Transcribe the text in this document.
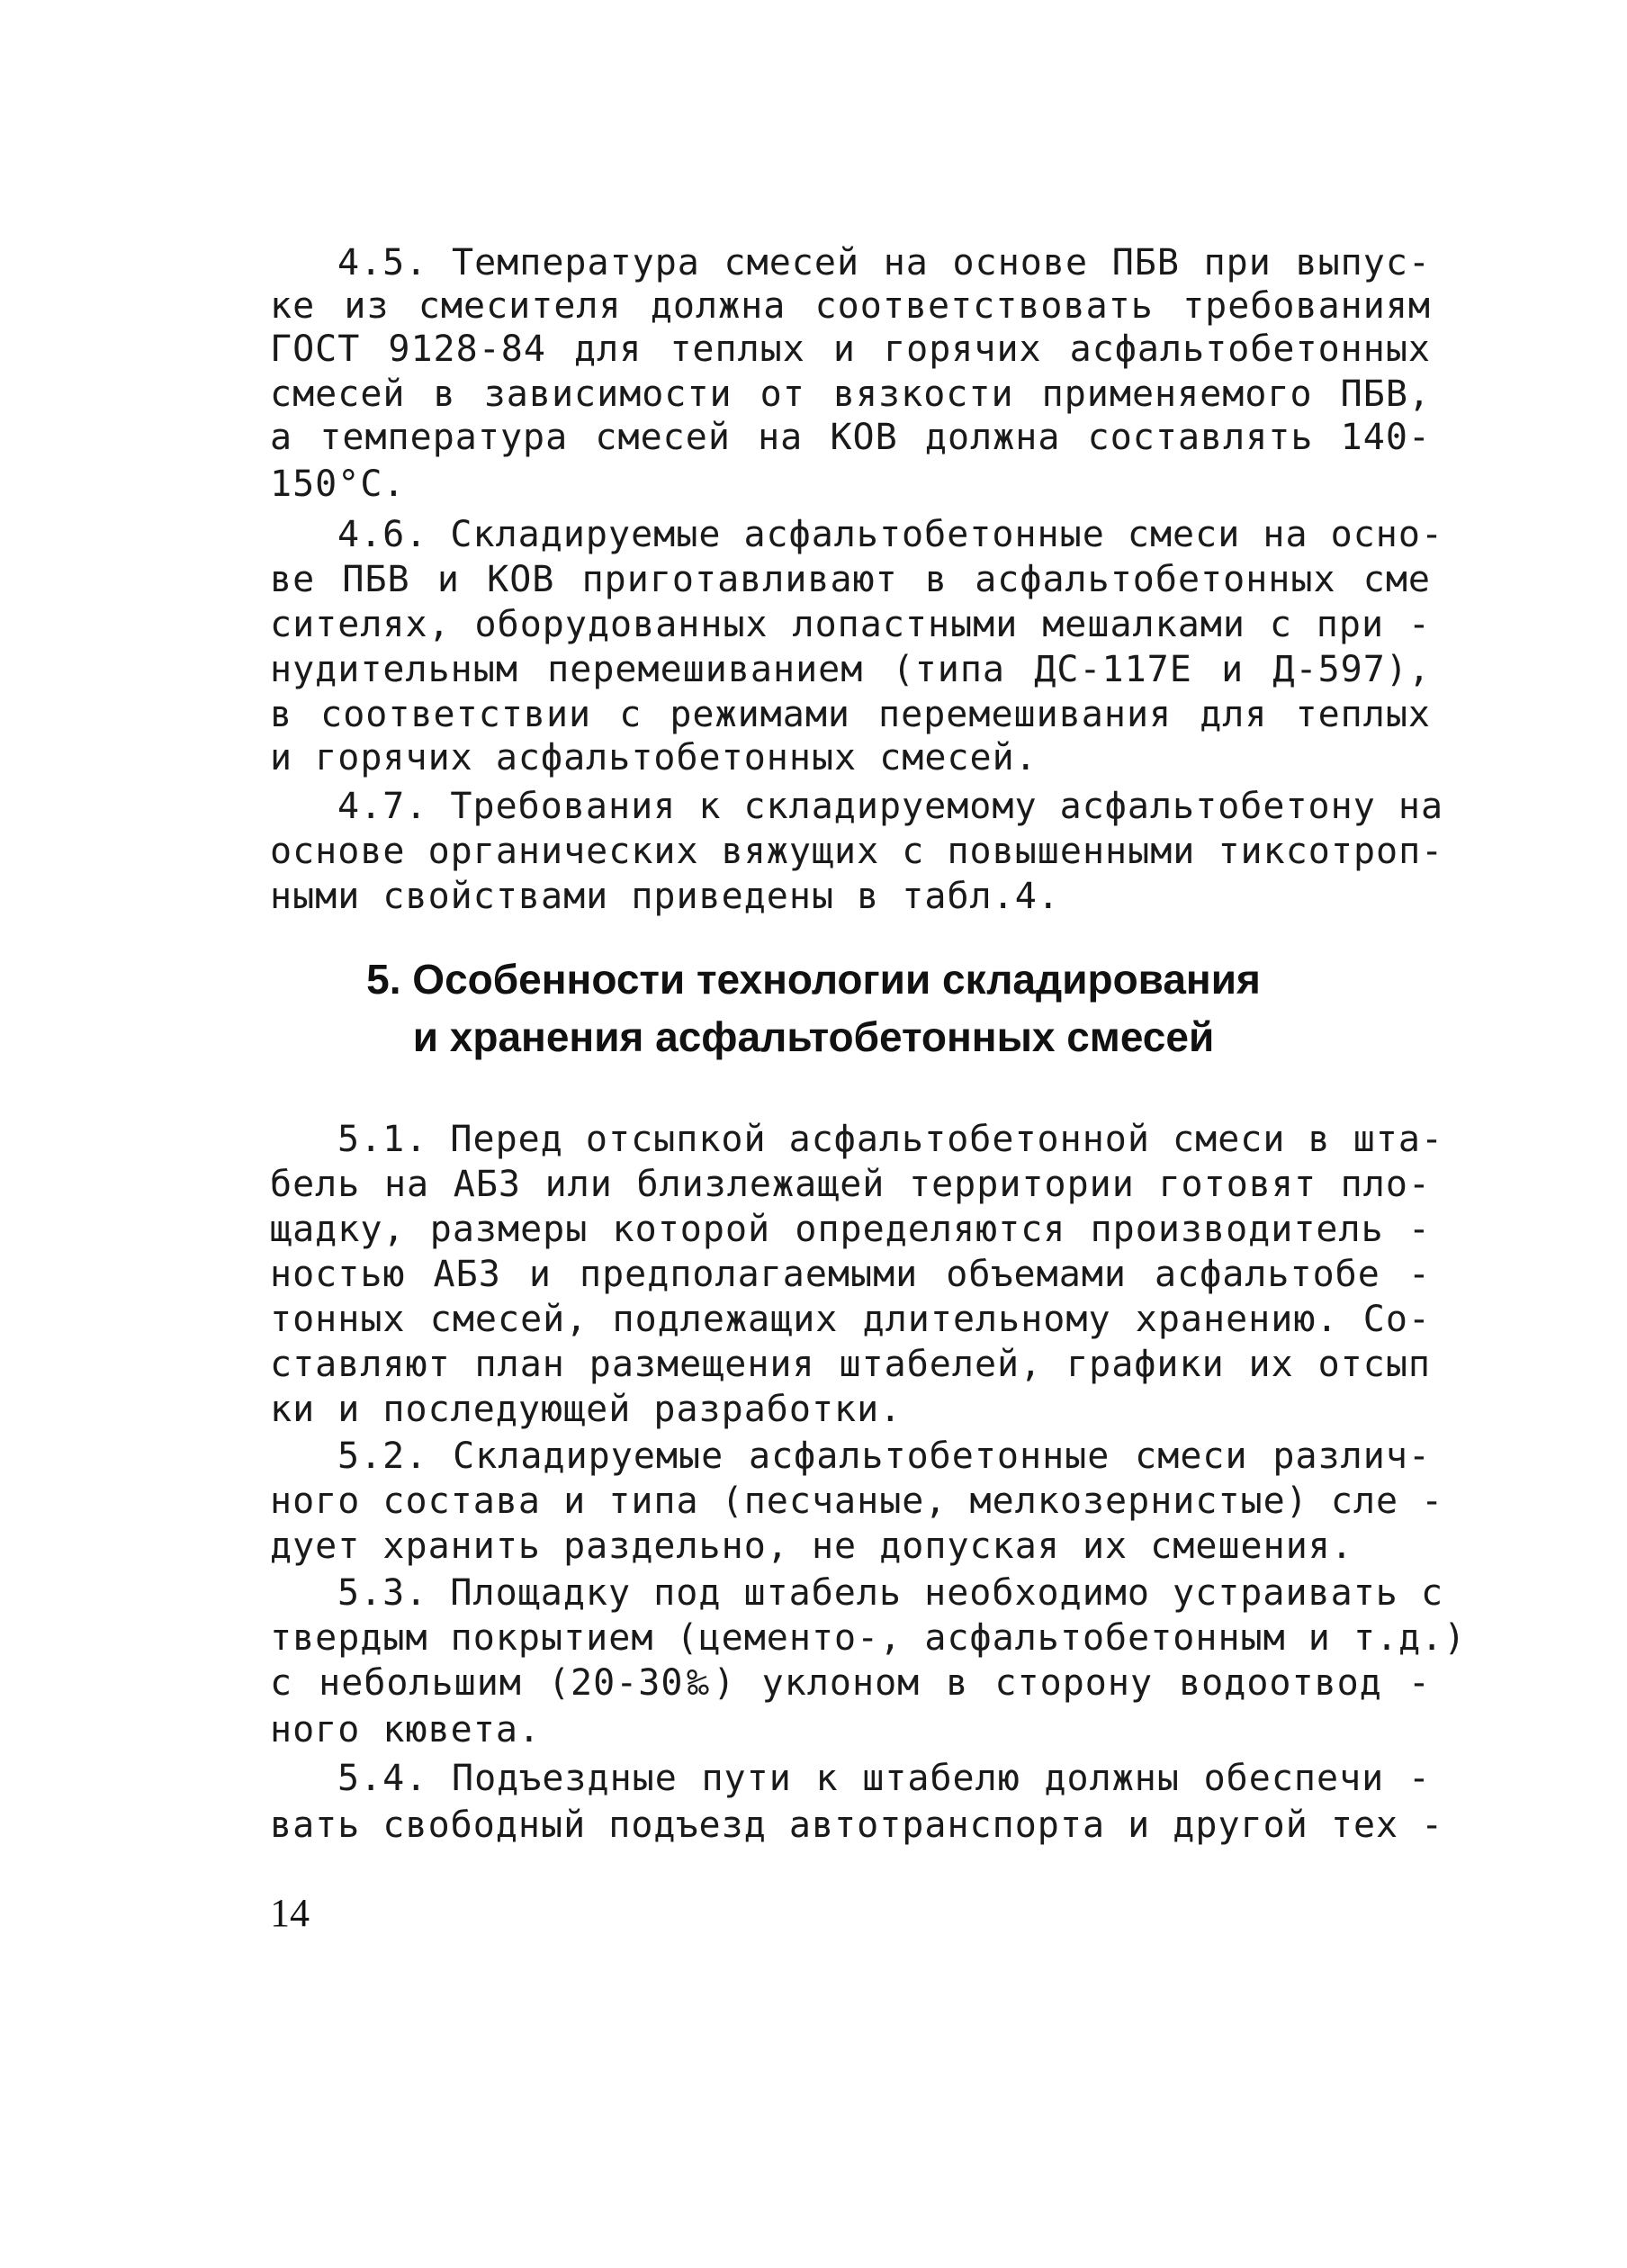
4.5. Температура смесей на основе ПБВ при выпус-
ке из смесителя должна соответствовать требованиям
ГОСТ 9128-84 для теплых и горячих асфальтобетонных
смесей в зависимости от вязкости применяемого ПБВ,
а температура смесей на КОВ должна составлять 140-
150°С.
4.6. Складируемые асфальтобетонные смеси на осно-
ве ПБВ и КОВ приготавливают в асфальтобетонных сме
сителях, оборудованных лопастными мешалками с при -
нудительным перемешиванием (типа ДС-117Е и Д-597),
в соответствии с режимами перемешивания для теплых
и горячих асфальтобетонных смесей.
4.7. Требования к складируемому асфальтобетону на
основе органических вяжущих с повышенными тиксотроп-
ными свойствами приведены в табл.4.
5. Особенности технологии складирования
и хранения асфальтобетонных смесей
5.1. Перед отсыпкой асфальтобетонной смеси в шта-
бель на АБЗ или близлежащей территории готовят пло-
щадку, размеры которой определяются производитель -
ностью АБЗ и предполагаемыми объемами асфальтобе -
тонных смесей, подлежащих длительному хранению. Со-
ставляют план размещения штабелей, графики их отсып
ки и последующей разработки.
5.2. Складируемые асфальтобетонные смеси различ-
ного состава и типа (песчаные, мелкозернистые) сле -
дует хранить раздельно, не допуская их смешения.
5.3. Площадку под штабель необходимо устраивать с
твердым покрытием (цементо-, асфальтобетонным и т.д.)
с небольшим (20-30‰) уклоном в сторону водоотвод -
ного кювета.
5.4. Подъездные пути к штабелю должны обеспечи -
вать свободный подъезд автотранспорта и другой тех -
14
